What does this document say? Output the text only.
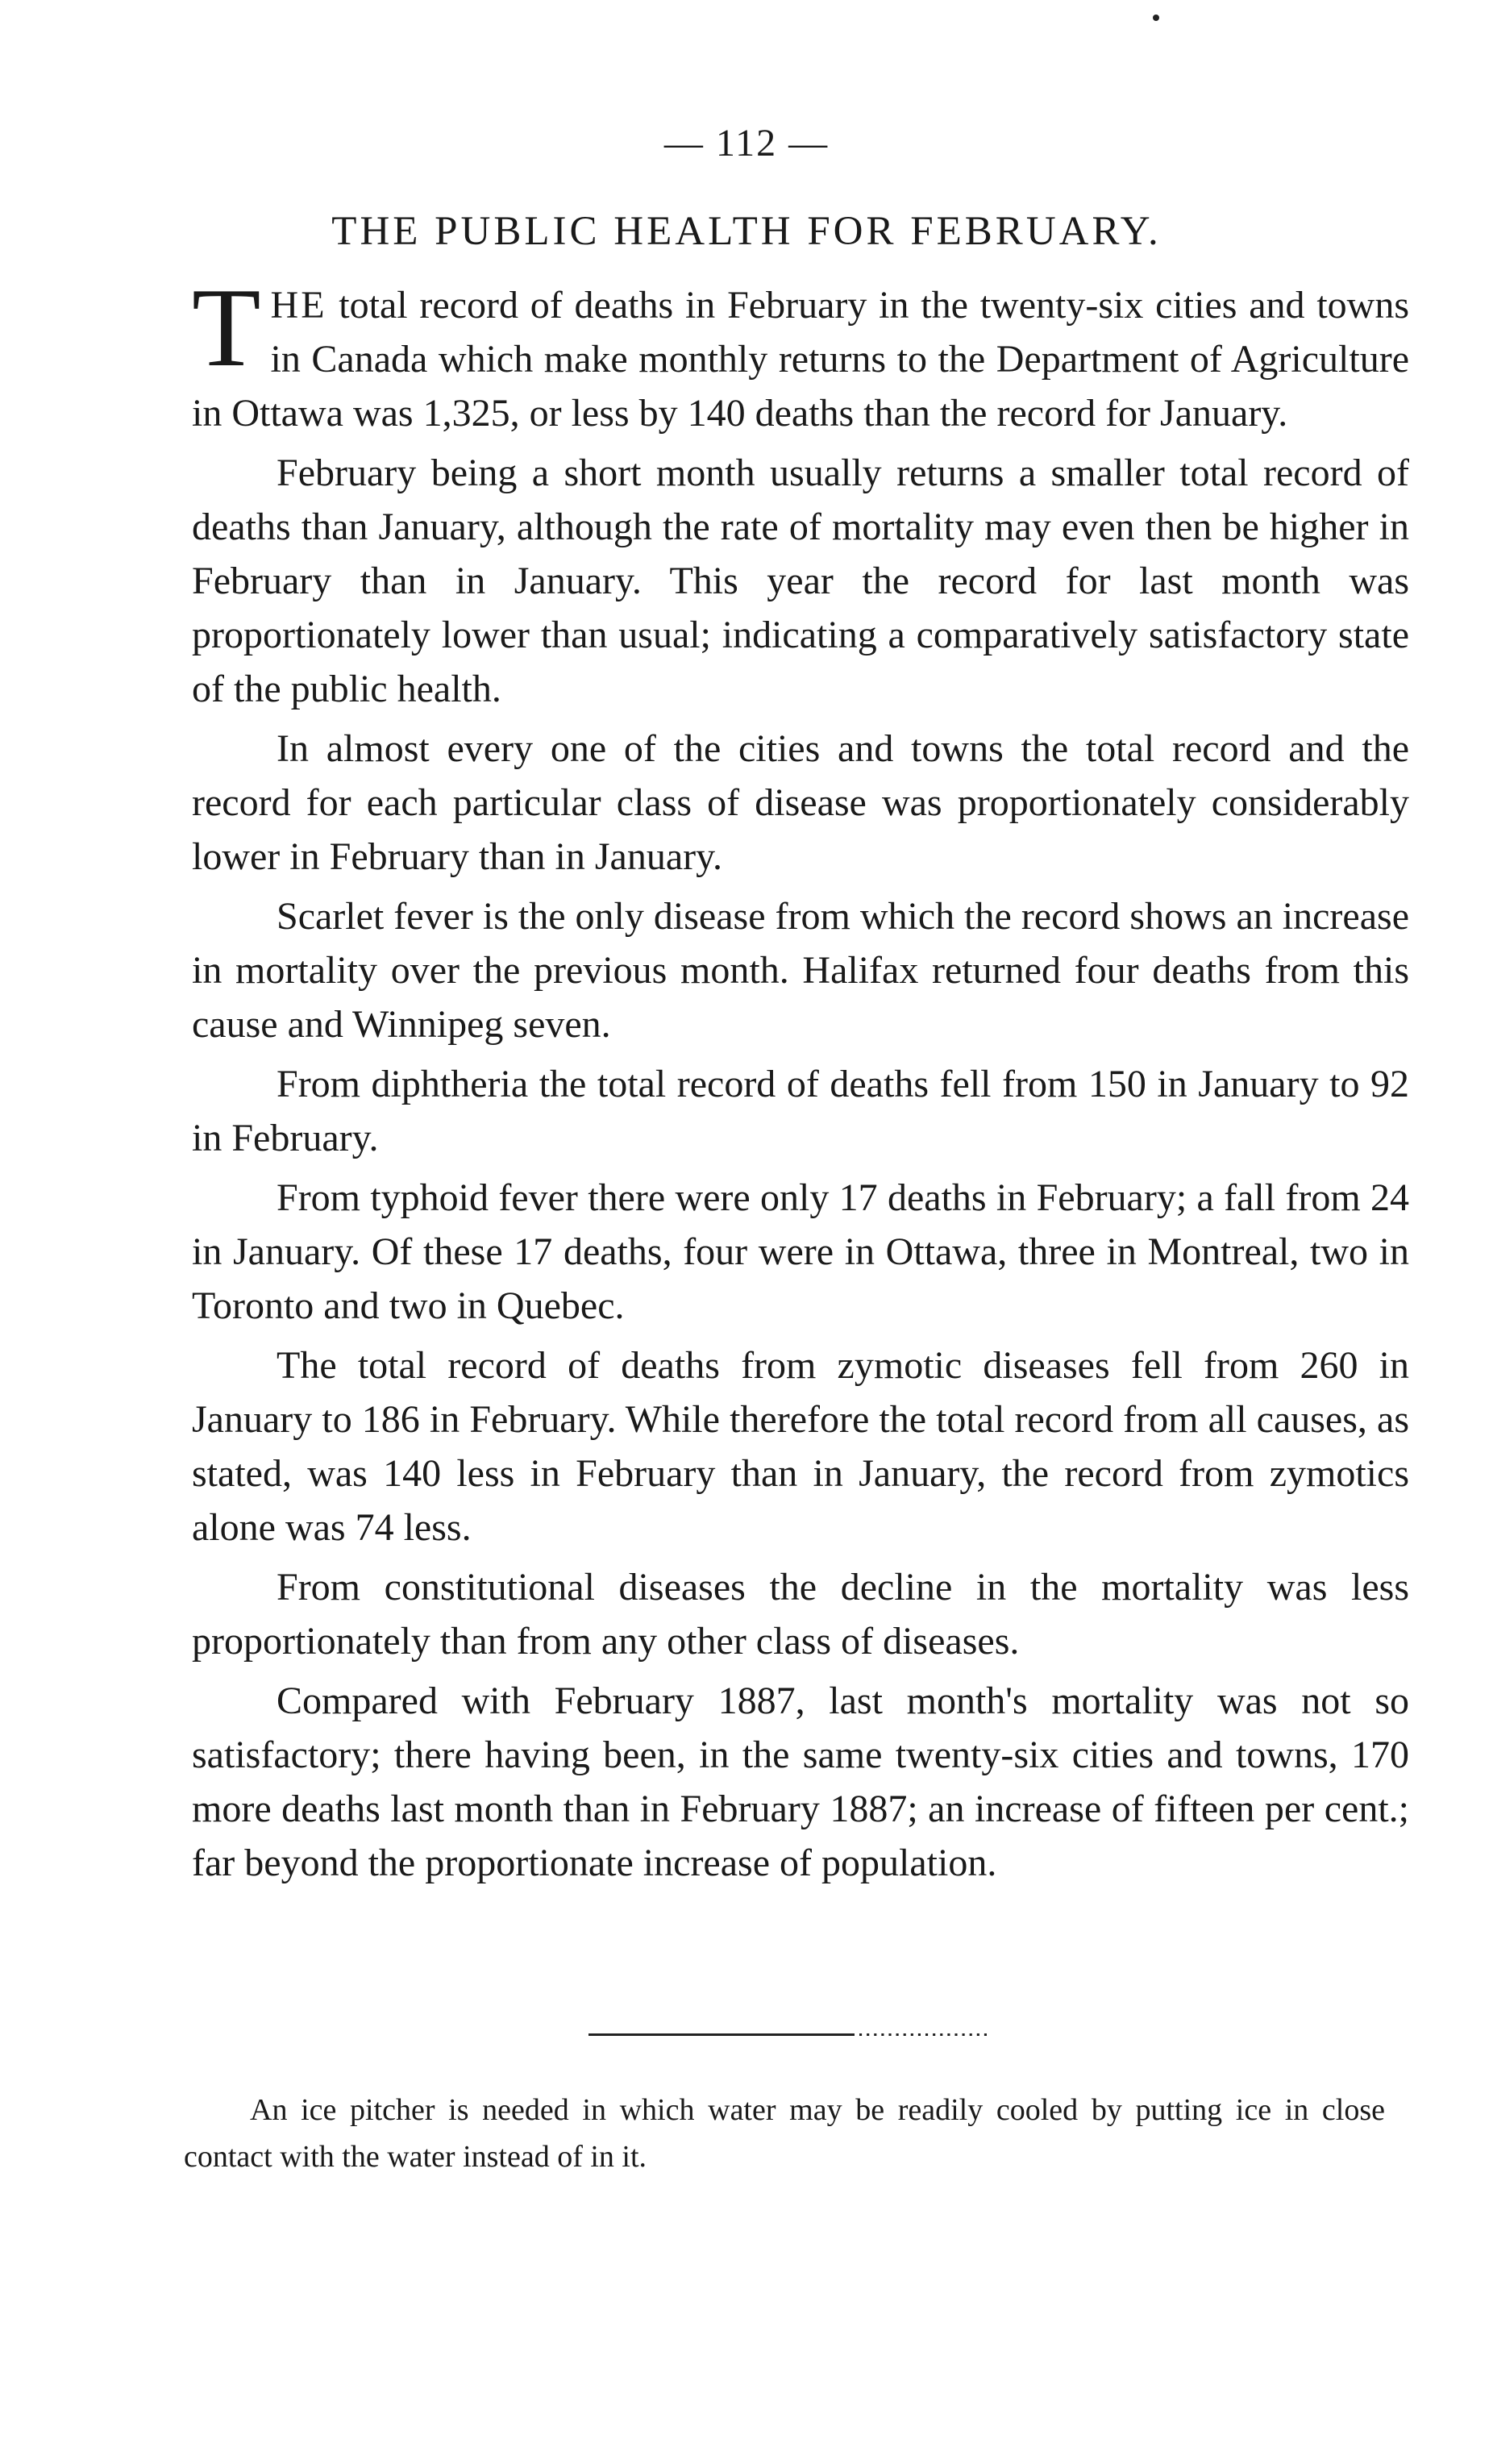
— 112 —
THE PUBLIC HEALTH FOR FEBRUARY.

THE total record of deaths in February in the twenty-six cities and towns in Canada which make monthly returns to the Department of Agriculture in Ottawa was 1,325, or less by 140 deaths than the record for January.

February being a short month usually returns a smaller total record of deaths than January, although the rate of mortality may even then be higher in February than in January. This year the record for last month was proportionately lower than usual; indicating a comparatively satisfactory state of the public health.

In almost every one of the cities and towns the total record and the record for each particular class of disease was proportionately considerably lower in February than in January.

Scarlet fever is the only disease from which the record shows an increase in mortality over the previous month. Halifax returned four deaths from this cause and Winnipeg seven.

From diphtheria the total record of deaths fell from 150 in January to 92 in February.

From typhoid fever there were only 17 deaths in February; a fall from 24 in January. Of these 17 deaths, four were in Ottawa, three in Montreal, two in Toronto and two in Quebec.

The total record of deaths from zymotic diseases fell from 260 in January to 186 in February. While therefore the total record from all causes, as stated, was 140 less in February than in January, the record from zymotics alone was 74 less.

From constitutional diseases the decline in the mortality was less proportionately than from any other class of diseases.

Compared with February 1887, last month's mortality was not so satisfactory; there having been, in the same twenty-six cities and towns, 170 more deaths last month than in February 1887; an increase of fifteen per cent.; far beyond the proportionate increase of population.

An ice pitcher is needed in which water may be readily cooled by putting ice in close contact with the water instead of in it.
